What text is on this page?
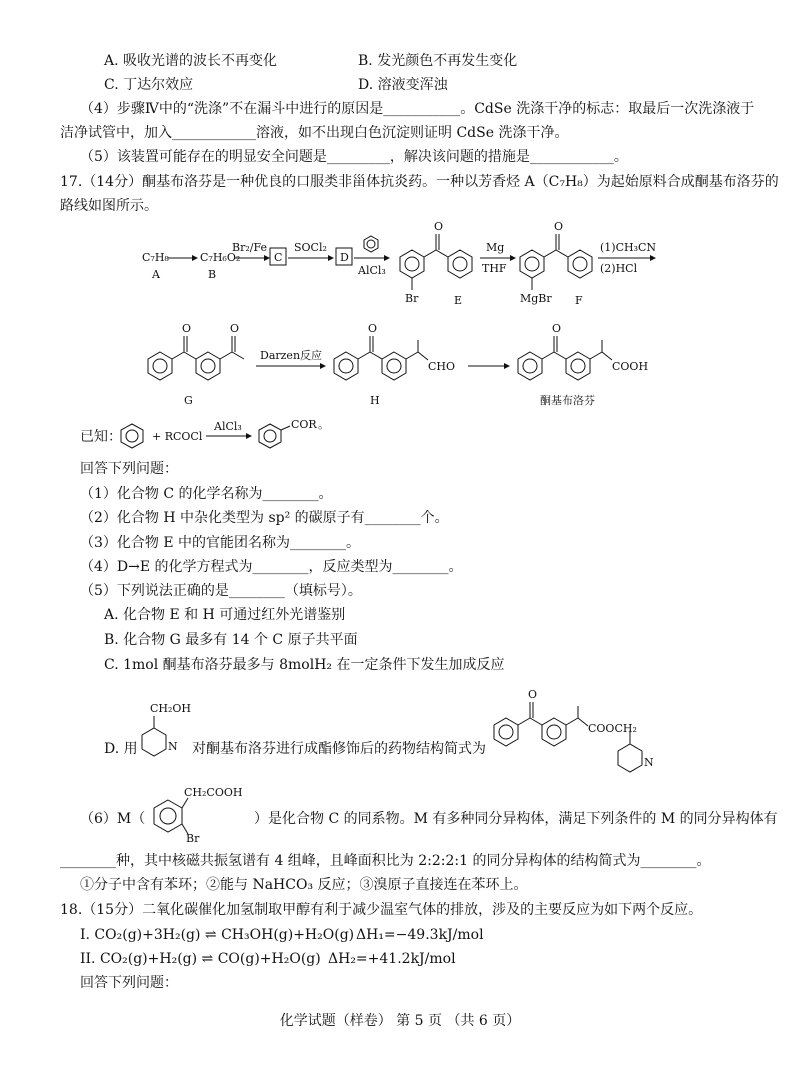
A. 吸收光谱的波长不再变化	B. 发光颜色不再发生变化
C. 丁达尔效应	D. 溶液变浑浊
（4）步骤Ⅳ中的“洗涤”不在漏斗中进行的原因是___________。CdSe 洗涤干净的标志：取最后一次洗涤液于
洁净试管中，加入____________溶液，如不出现白色沉淀则证明 CdSe 洗涤干净。
（5）该装置可能存在的明显安全问题是_________，解决该问题的措施是____________。
17.（14分）酮基布洛芬是一种优良的口服类非甾体抗炎药。一种以芳香烃 A（C₇H₈）为起始原料合成酮基布洛芬的
路线如图所示。
C₇H₈
A
C₇H₆O₂
B
Br₂/Fe
C
SOCl₂
D
AlCl₃
O
Br	E
Mg
THF
O
MgBr F
(1)CH₃CN
(2)HCl
O	O
G
Darzen反应
O
CHO
H
O
COOH
酮基布洛芬
已知：	+ RCOCl
AlCl₃	COR 。
回答下列问题：
（1）化合物 C 的化学名称为________。
（2）化合物 H 中杂化类型为 sp² 的碳原子有________个。
（3）化合物 E 中的官能团名称为________。
（4）D→E 的化学方程式为________，反应类型为________。
（5）下列说法正确的是________（填标号）。
A. 化合物 E 和 H 可通过红外光谱鉴别
B. 化合物 G 最多有 14 个 C 原子共平面
C. 1mol 酮基布洛芬最多与 8molH₂ 在一定条件下发生加成反应
D. 用
CH₂OH
N 对酮基布洛芬进行成酯修饰后的药物结构简式为
O
COOCH₂
N
（6）M（
CH₂COOH
Br
）是化合物 C 的同系物。M 有多种同分异构体，满足下列条件的 M 的同分异构体有
________种，其中核磁共振氢谱有 4 组峰，且峰面积比为 2:2:2:1 的同分异构体的结构简式为________。
①分子中含有苯环；②能与 NaHCO₃ 反应；③溴原子直接连在苯环上。
18.（15分）二氧化碳催化加氢制取甲醇有利于减少温室气体的排放，涉及的主要反应为如下两个反应。
I. CO₂(g)+3H₂(g) ⇌ CH₃OH(g)+H₂O(g) ΔH₁=−49.3kJ/mol
II. CO₂(g)+H₂(g) ⇌ CO(g)+H₂O(g) ΔH₂=+41.2kJ/mol
回答下列问题：
化学试题（样卷） 第 5 页 （共 6 页）
